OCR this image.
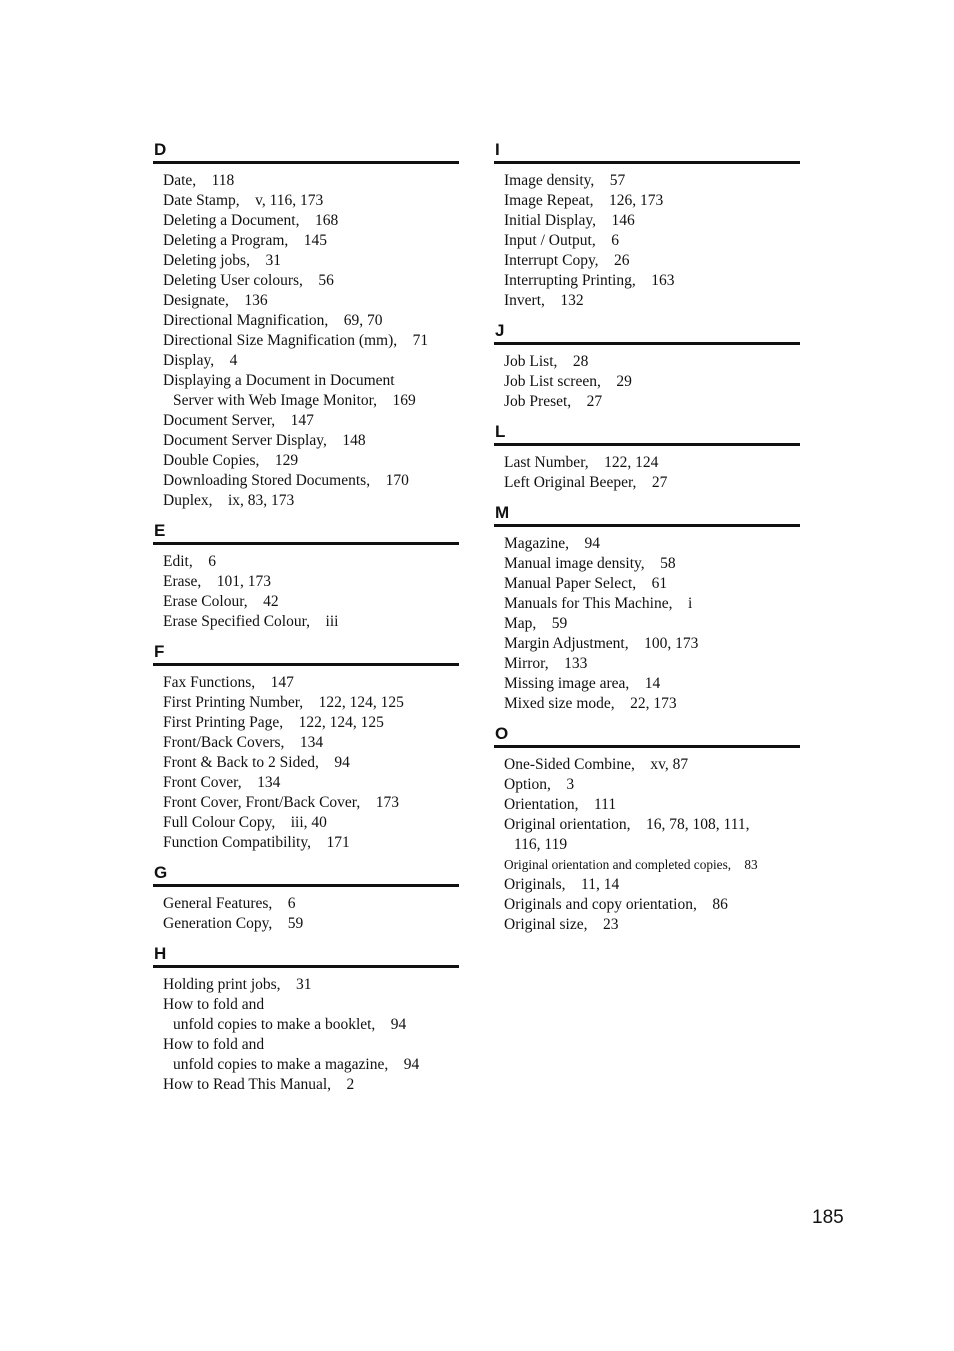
D
Date, 118
Date Stamp, v, 116, 173
Deleting a Document, 168
Deleting a Program, 145
Deleting jobs, 31
Deleting User colours, 56
Designate, 136
Directional Magnification, 69, 70
Directional Size Magnification (mm), 71
Display, 4
Displaying a Document in Document
Server with Web Image Monitor, 169
Document Server, 147
Document Server Display, 148
Double Copies, 129
Downloading Stored Documents, 170
Duplex, ix, 83, 173
E
Edit, 6
Erase, 101, 173
Erase Colour, 42
Erase Specified Colour, iii
F
Fax Functions, 147
First Printing Number, 122, 124, 125
First Printing Page, 122, 124, 125
Front/Back Covers, 134
Front & Back to 2 Sided, 94
Front Cover, 134
Front Cover, Front/Back Cover, 173
Full Colour Copy, iii, 40
Function Compatibility, 171
G
General Features, 6
Generation Copy, 59
H
Holding print jobs, 31
How to fold and
unfold copies to make a booklet, 94
How to fold and
unfold copies to make a magazine, 94
How to Read This Manual, 2
I
Image density, 57
Image Repeat, 126, 173
Initial Display, 146
Input / Output, 6
Interrupt Copy, 26
Interrupting Printing, 163
Invert, 132
J
Job List, 28
Job List screen, 29
Job Preset, 27
L
Last Number, 122, 124
Left Original Beeper, 27
M
Magazine, 94
Manual image density, 58
Manual Paper Select, 61
Manuals for This Machine, i
Map, 59
Margin Adjustment, 100, 173
Mirror, 133
Missing image area, 14
Mixed size mode, 22, 173
O
One-Sided Combine, xv, 87
Option, 3
Orientation, 111
Original orientation, 16, 78, 108, 111,
116, 119
Original orientation and completed copies, 83
Originals, 11, 14
Originals and copy orientation, 86
Original size, 23
185
